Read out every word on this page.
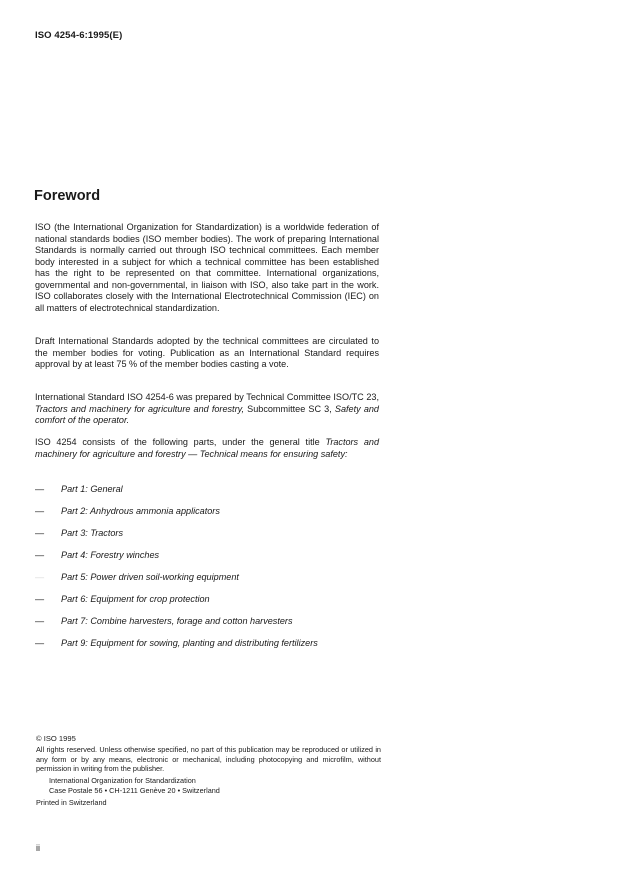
ISO 4254-6:1995(E)
Foreword
ISO (the International Organization for Standardization) is a worldwide federation of national standards bodies (ISO member bodies). The work of preparing International Standards is normally carried out through ISO technical committees. Each member body interested in a subject for which a technical committee has been established has the right to be represented on that committee. International organizations, governmental and non-governmental, in liaison with ISO, also take part in the work. ISO collaborates closely with the International Electrotechnical Commission (IEC) on all matters of electrotechnical standardization.
Draft International Standards adopted by the technical committees are circulated to the member bodies for voting. Publication as an International Standard requires approval by at least 75 % of the member bodies casting a vote.
International Standard ISO 4254-6 was prepared by Technical Committee ISO/TC 23, Tractors and machinery for agriculture and forestry, Subcommittee SC 3, Safety and comfort of the operator.
ISO 4254 consists of the following parts, under the general title Tractors and machinery for agriculture and forestry — Technical means for ensuring safety:
—	Part 1: General
—	Part 2: Anhydrous ammonia applicators
—	Part 3: Tractors
—	Part 4: Forestry winches
—	Part 5: Power driven soil-working equipment
—	Part 6: Equipment for crop protection
—	Part 7: Combine harvesters, forage and cotton harvesters
—	Part 9: Equipment for sowing, planting and distributing fertilizers
© ISO 1995
All rights reserved. Unless otherwise specified, no part of this publication may be reproduced or utilized in any form or by any means, electronic or mechanical, including photocopying and microfilm, without permission in writing from the publisher.
International Organization for Standardization
Case Postale 56 • CH-1211 Genève 20 • Switzerland
Printed in Switzerland
ii
